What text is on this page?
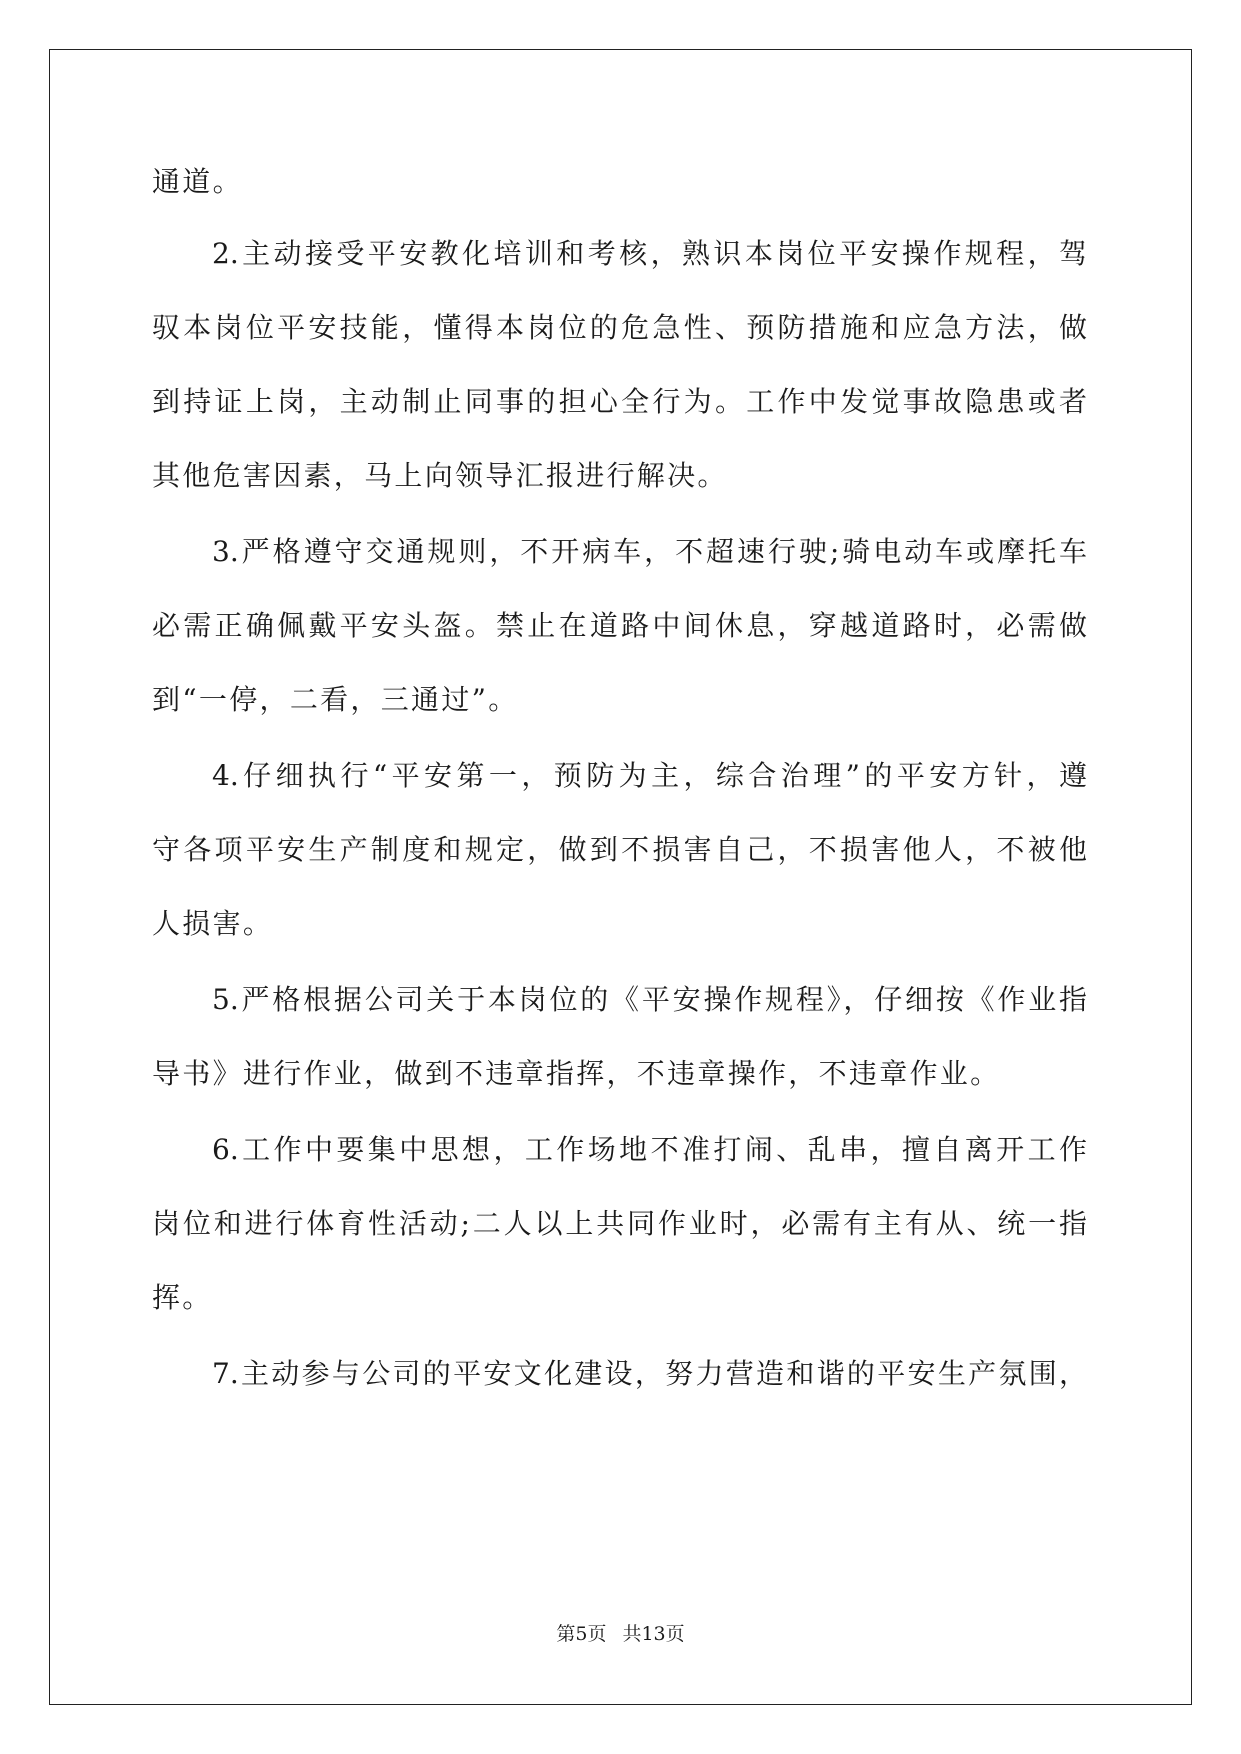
通道。
2.主动接受平安教化培训和考核，熟识本岗位平安操作规程，驾
驭本岗位平安技能，懂得本岗位的危急性、预防措施和应急方法，做
到持证上岗，主动制止同事的担心全行为。工作中发觉事故隐患或者
其他危害因素，马上向领导汇报进行解决。
3.严格遵守交通规则，不开病车，不超速行驶;骑电动车或摩托车
必需正确佩戴平安头盔。禁止在道路中间休息，穿越道路时，必需做
到“一停，二看，三通过”。
4.仔细执行“平安第一，预防为主，综合治理”的平安方针，遵
守各项平安生产制度和规定，做到不损害自己，不损害他人，不被他
人损害。
5.严格根据公司关于本岗位的《平安操作规程》，仔细按《作业指
导书》进行作业，做到不违章指挥，不违章操作，不违章作业。
6.工作中要集中思想，工作场地不准打闹、乱串，擅自离开工作
岗位和进行体育性活动;二人以上共同作业时，必需有主有从、统一指
挥。
7.主动参与公司的平安文化建设，努力营造和谐的平安生产氛围，
第5页 共13页
